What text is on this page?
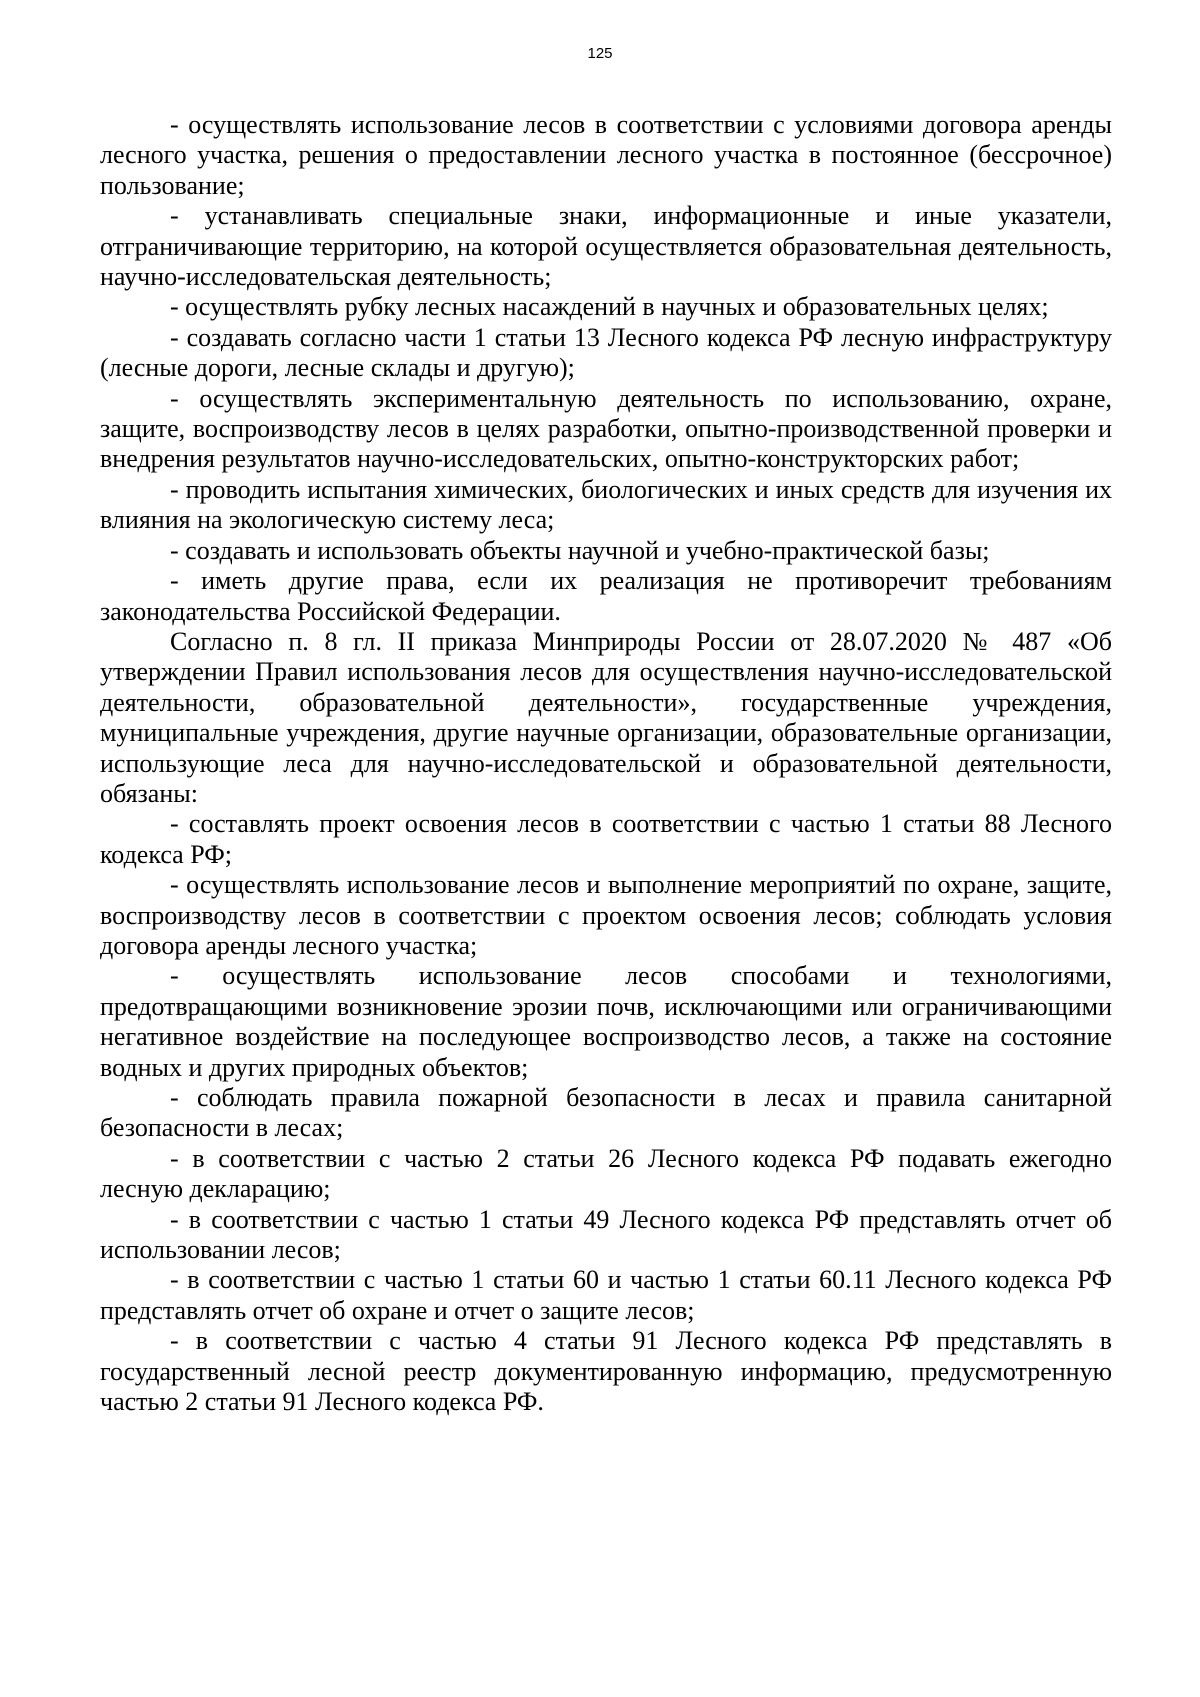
125

- осуществлять использование лесов в соответствии с условиями договора аренды лесного участка, решения о предоставлении лесного участка в постоянное (бессрочное) пользование;

- устанавливать специальные знаки, информационные и иные указатели, отграничивающие территорию, на которой осуществляется образовательная деятельность, научно-исследовательская деятельность;

- осуществлять рубку лесных насаждений в научных и образовательных целях;

- создавать согласно части 1 статьи 13 Лесного кодекса РФ лесную инфраструктуру (лесные дороги, лесные склады и другую);

- осуществлять экспериментальную деятельность по использованию, охране, защите, воспроизводству лесов в целях разработки, опытно-производственной проверки и внедрения результатов научно-исследовательских, опытно-конструкторских работ;

- проводить испытания химических, биологических и иных средств для изучения их влияния на экологическую систему леса;

- создавать и использовать объекты научной и учебно-практической базы;

- иметь другие права, если их реализация не противоречит требованиям законодательства Российской Федерации.

Согласно п. 8 гл. II приказа Минприроды России от 28.07.2020 № 487 «Об утверждении Правил использования лесов для осуществления научно-исследовательской деятельности, образовательной деятельности», государственные учреждения, муниципальные учреждения, другие научные организации, образовательные организации, использующие леса для научно-исследовательской и образовательной деятельности, обязаны:

- составлять проект освоения лесов в соответствии с частью 1 статьи 88 Лесного кодекса РФ;

- осуществлять использование лесов и выполнение мероприятий по охране, защите, воспроизводству лесов в соответствии с проектом освоения лесов; соблюдать условия договора аренды лесного участка;

- осуществлять использование лесов способами и технологиями, предотвращающими возникновение эрозии почв, исключающими или ограничивающими негативное воздействие на последующее воспроизводство лесов, а также на состояние водных и других природных объектов;

- соблюдать правила пожарной безопасности в лесах и правила санитарной безопасности в лесах;

- в соответствии с частью 2 статьи 26 Лесного кодекса РФ подавать ежегодно лесную декларацию;

- в соответствии с частью 1 статьи 49 Лесного кодекса РФ представлять отчет об использовании лесов;

- в соответствии с частью 1 статьи 60 и частью 1 статьи 60.11 Лесного кодекса РФ представлять отчет об охране и отчет о защите лесов;

- в соответствии с частью 4 статьи 91 Лесного кодекса РФ представлять в государственный лесной реестр документированную информацию, предусмотренную частью 2 статьи 91 Лесного кодекса РФ.
